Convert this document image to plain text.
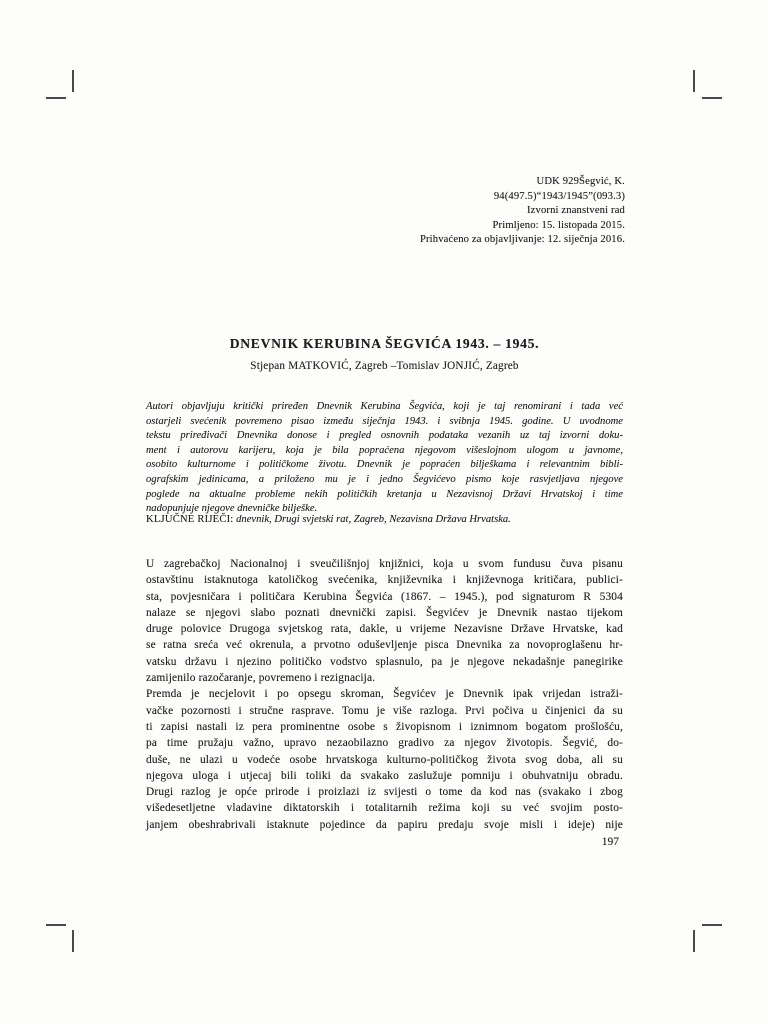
UDK 929Šegvić, K.
94(497.5)“1943/1945”(093.3)
Izvorni znanstveni rad
Primljeno: 15. listopada 2015.
Prihvaćeno za objavljivanje: 12. siječnja 2016.
DNEVNIK KERUBINA ŠEGVIĆA 1943. – 1945.
Stjepan MATKOVIĆ, Zagreb –Tomislav JONJIĆ, Zagreb
Autori objavljuju kritički priređen Dnevnik Kerubina Šegvića, koji je taj renomirani i tada već
ostarjeli svećenik povremeno pisao između siječnja 1943. i svibnja 1945. godine. U uvodnome
tekstu priređivači Dnevnika donose i pregled osnovnih podataka vezanih uz taj izvorni doku-
ment i autorovu karijeru, koja je bila popraćena njegovom višeslojnom ulogom u javnome,
osobito kulturnome i političkome životu. Dnevnik je popraćen bilješkama i relevantnim bibli-
ografskim jedinicama, a priloženo mu je i jedno Šegvićevo pismo koje rasvjetljava njegove
poglede na aktualne probleme nekih političkih kretanja u Nezavisnoj Državi Hrvatskoj i time
nadopunjuje njegove dnevničke bilješke.
KLJUČNE RIJEČI: dnevnik, Drugi svjetski rat, Zagreb, Nezavisna Država Hrvatska.
U zagrebačkoj Nacionalnoj i sveučilišnjoj knjižnici, koja u svom fundusu čuva pisanu
ostavštinu istaknutoga katoličkog svećenika, književnika i književnoga kritičara, publici-
sta, povjesničara i političara Kerubina Šegvića (1867. – 1945.), pod signaturom R 5304
nalaze se njegovi slabo poznati dnevnički zapisi. Šegvićev je Dnevnik nastao tijekom
druge polovice Drugoga svjetskog rata, dakle, u vrijeme Nezavisne Države Hrvatske, kad
se ratna sreća već okrenula, a prvotno oduševljenje pisca Dnevnika za novoproglašenu hr-
vatsku državu i njezino političko vodstvo splasnulo, pa je njegove nekadašnje panegirike
zamijenilo razočaranje, povremeno i rezignacija.
Premda je necjelovit i po opsegu skroman, Šegvićev je Dnevnik ipak vrijedan istraži-
vačke pozornosti i stručne rasprave. Tomu je više razloga. Prvi počiva u činjenici da su
ti zapisi nastali iz pera prominentne osobe s živopisnom i iznimnom bogatom prošlošću,
pa time pružaju važno, upravo nezaobilazno gradivo za njegov životopis. Šegvić, do-
duše, ne ulazi u vodeće osobe hrvatskoga kulturno-političkog života svog doba, ali su
njegova uloga i utjecaj bili toliki da svakako zaslužuje pomniju i obuhvatniju obradu.
Drugi razlog je opće prirode i proizlazi iz svijesti o tome da kod nas (svakako i zbog
višedesetljetne vladavine diktatorskih i totalitarnih režima koji su već svojim posto-
janjem obeshrabrivali istaknute pojedince da papiru predaju svoje misli i ideje) nije
197
